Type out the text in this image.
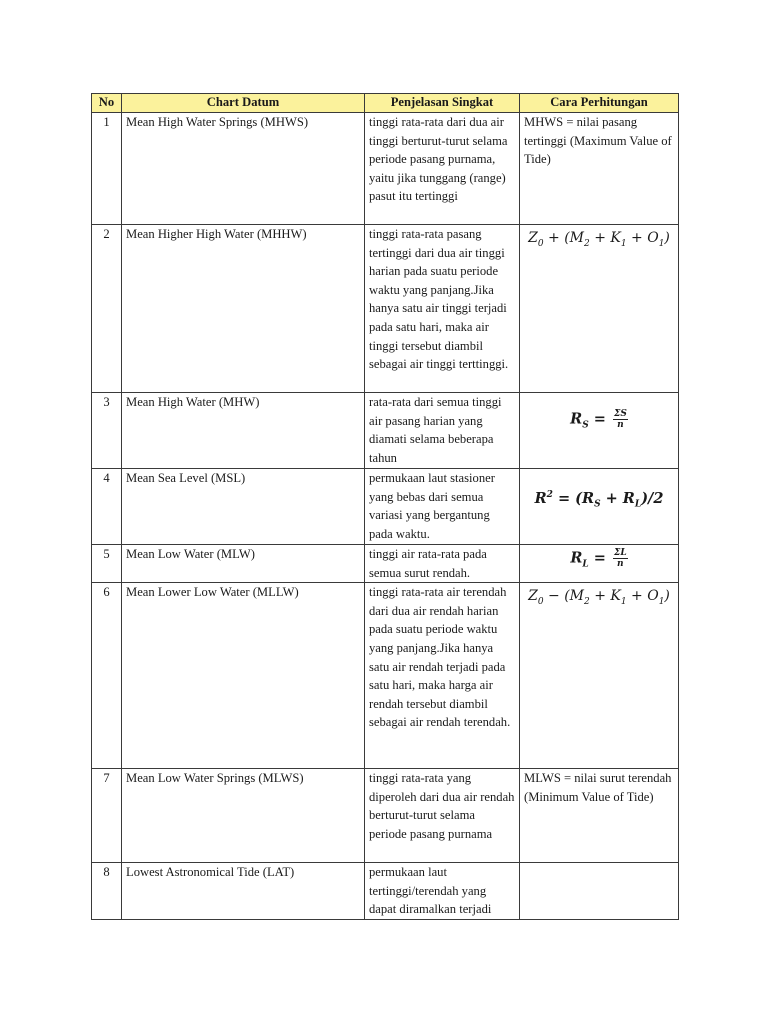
No	Chart Datum	Penjelasan Singkat	Cara Perhitungan
1	Mean High Water Springs (MHWS)	tinggi rata-rata dari dua air tinggi berturut-turut selama periode pasang purnama, yaitu jika tunggang (range) pasut itu tertinggi	MHWS = nilai pasang tertinggi (Maximum Value of Tide)
2	Mean Higher High Water (MHHW)	tinggi rata-rata pasang tertinggi dari dua air tinggi harian pada suatu periode waktu yang panjang.Jika hanya satu air tinggi terjadi pada satu hari, maka air tinggi tersebut diambil sebagai air tinggi terttinggi.	$Z_0 + (M_2 + K_1 + O_1)$

3	Mean High Water (MHW)	rata-rata dari semua tinggi air pasang harian yang diamati selama beberapa tahun	$R_S = \frac{\Sigma S}{n}$

4	Mean Sea Level (MSL)	permukaan laut stasioner yang bebas dari semua variasi yang bergantung pada waktu.	$R^2 = (R_S + R_L)/2$

5	Mean Low Water (MLW)	tinggi air rata-rata pada semua surut rendah.	$R_L = \frac{\Sigma L}{n}$

6	Mean Lower Low Water (MLLW)	tinggi rata-rata air terendah dari dua air rendah harian pada suatu periode waktu yang panjang.Jika hanya satu air rendah terjadi pada satu hari, maka harga air rendah tersebut diambil sebagai air rendah terendah.	$Z_0 - (M_2 + K_1 + O_1)$

7	Mean Low Water Springs (MLWS)	tinggi rata-rata yang diperoleh dari dua air rendah berturut-turut selama periode pasang purnama	MLWS = nilai surut terendah (Minimum Value of Tide)
8	Lowest Astronomical Tide (LAT)	permukaan laut tertinggi/terendah yang dapat diramalkan terjadi	
